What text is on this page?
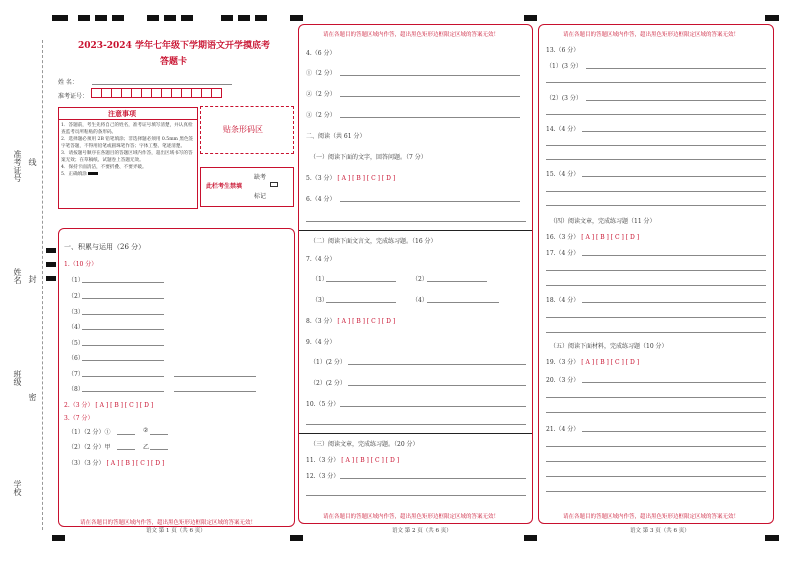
准考证号 线
姓名 封
班级
密
学校
2023-2024 学年七年级下学期语文开学摸底考
答题卡
姓 名：
准考证号：
注意事项
1．答题前，考生先将自己的姓名，准考证号填写清楚，并认真检查监考员所粘贴的条形码。
2．选择题必须用 2B 铅笔填涂；非选择题必须用 0.5mm 黑色签字笔答题，不得用铅笔或圆珠笔作答；字体工整、笔迹清楚。
3．请按题号顺序在各题目的答题区域内作答，超出区域书写的答案无效；在草稿纸、试题卷上答题无效。
4．保持卡面清洁，不要折叠、不要弄破。
5．正确填涂
贴条形码区
此栏考生禁填
缺考
标记
一、积累与运用（26 分）
1.（10 分）
（1）
（2）
（3）
（4）
（5）
（6）
（7）
（8）
2.（3 分） [ A ] [ B ] [ C ] [ D ]
3.（7 分）
（1）（2 分）①	②
（2）（2 分）甲	乙
（3）（3 分） [ A ] [ B ] [ C ] [ D ]
请在各题目的答题区域内作答，超出黑色矩形边框限定区域的答案无效！
语文 第 1 页（共 6 页）
请在各题目的答题区域内作答，超出黑色矩形边框限定区域的答案无效！
4.（6 分）
①（2 分）
②（2 分）
③（2 分）
二、阅读（共 61 分）
（一）阅读下面的文字，回答问题。（7 分）
5.（3 分） [ A ] [ B ] [ C ] [ D ]
6.（4 分）
（二）阅读下面文言文，完成练习题。（16 分）
7.（4 分）
（1）	（2）
（3）	（4）
8.（3 分） [ A ] [ B ] [ C ] [ D ]
9.（4 分）
（1）(2 分）
（2）(2 分）
10.（5 分）
（三）阅读文章，完成练习题。（20 分）
11.（3 分） [ A ] [ B ] [ C ] [ D ]
12.（3 分）
请在各题目的答题区域内作答，超出黑色矩形边框限定区域的答案无效！
语文 第 2 页（共 6 页）
请在各题目的答题区域内作答，超出黑色矩形边框限定区域的答案无效！
13.（6 分）
（1）(3 分）
（2）(3 分）
14.（4 分）
15.（4 分）
（四）阅读文章，完成练习题（11 分）
16.（3 分） [ A ] [ B ] [ C ] [ D ]
17.（4 分）
18.（4 分）
（五）阅读下面材料，完成练习题（10 分）
19.（3 分） [ A ] [ B ] [ C ] [ D ]
20.（3 分）
21.（4 分）
请在各题目的答题区域内作答，超出黑色矩形边框限定区域的答案无效！
语文 第 3 页（共 6 页）
